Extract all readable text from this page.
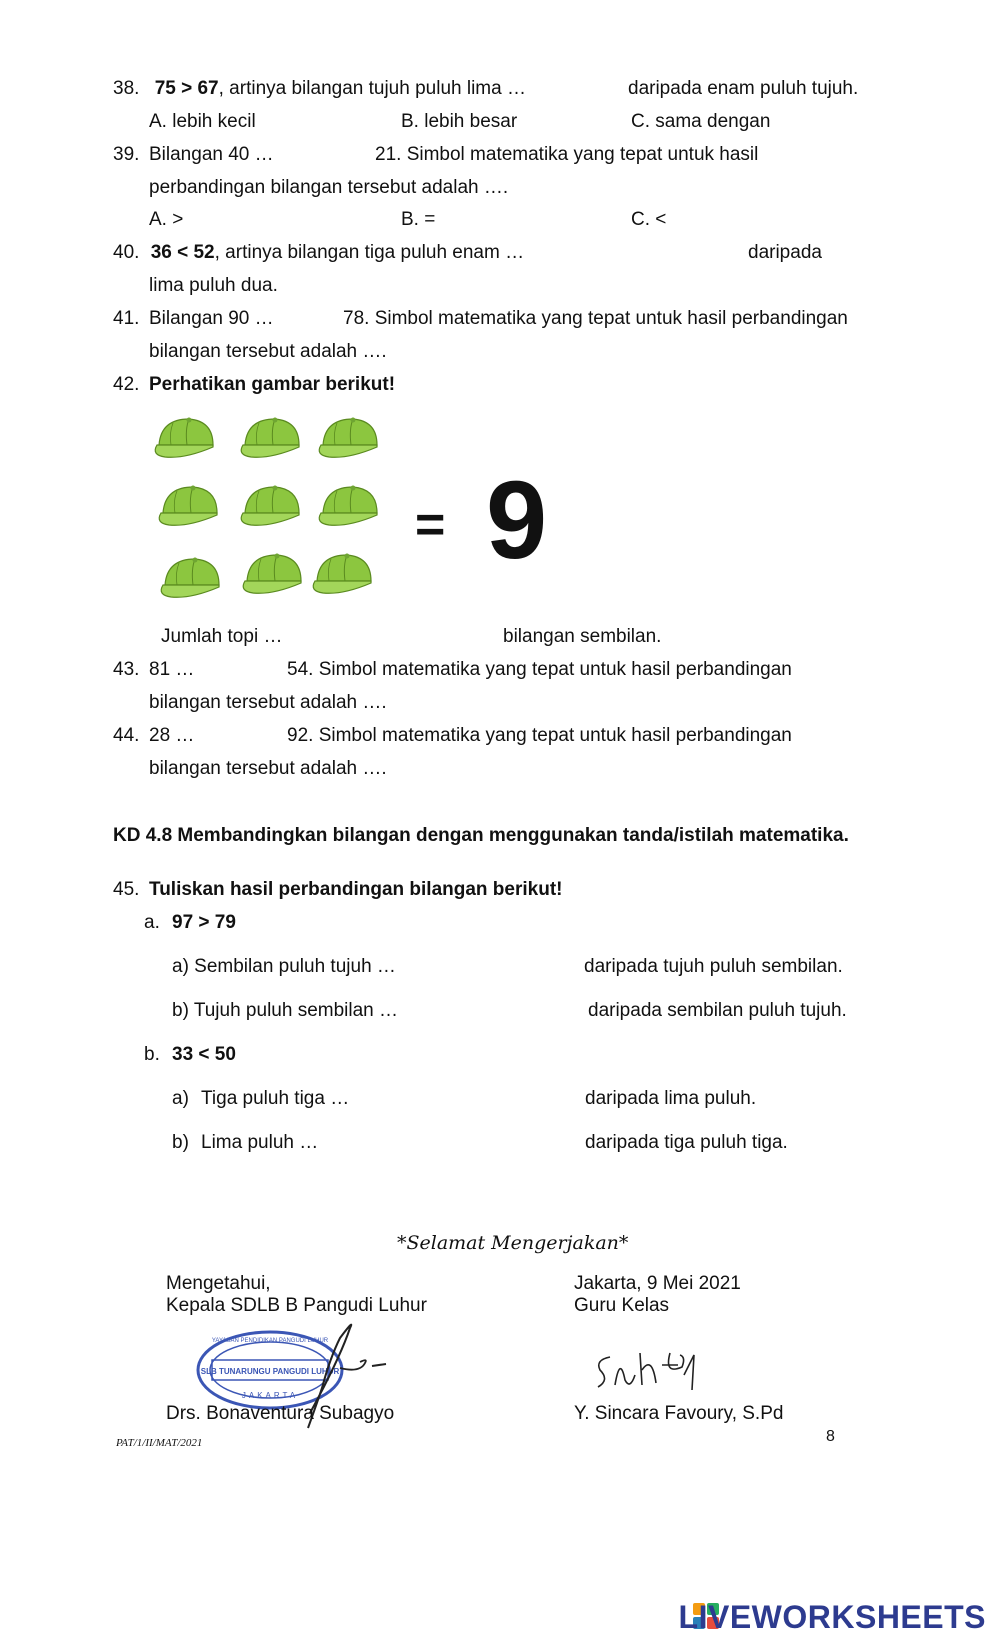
38. 75 > 67, artinya bilangan tujuh puluh lima …	daripada enam puluh tujuh.
A. lebih kecil	B. lebih besar	C. sama dengan
39. Bilangan 40 …	21. Simbol matematika yang tepat untuk hasil
perbandingan bilangan tersebut adalah ….
A. >	B. =	C. <
40. 36 < 52, artinya bilangan tiga puluh enam …	daripada
lima puluh dua.
41. Bilangan 90 …	78. Simbol matematika yang tepat untuk hasil perbandingan
bilangan tersebut adalah ….
42. Perhatikan gambar berikut!
= 9
Jumlah topi …	bilangan sembilan.
43. 81 …	54. Simbol matematika yang tepat untuk hasil perbandingan
bilangan tersebut adalah ….
44. 28 …	92. Simbol matematika yang tepat untuk hasil perbandingan
bilangan tersebut adalah ….
KD 4.8 Membandingkan bilangan dengan menggunakan tanda/istilah matematika.
45. Tuliskan hasil perbandingan bilangan berikut!
a. 97 > 79
a) Sembilan puluh tujuh …	daripada tujuh puluh sembilan.
b) Tujuh puluh sembilan …	daripada sembilan puluh tujuh.
b. 33 < 50
a) Tiga puluh tiga …	daripada lima puluh.
b) Lima puluh …	daripada tiga puluh tiga.
*Selamat Mengerjakan*
Mengetahui,
Kepala SDLB B Pangudi Luhur
Jakarta, 9 Mei 2021
Guru Kelas
SLB TUNARUNGU PANGUDI LUHUR
YAYASAN PENDIDIKAN PANGUDI LUHUR
JAKARTA
Drs. Bonaventura Subagyo	Y. Sincara Favoury, S.Pd
PAT/1/II/MAT/2021	8
LIVEWORKSHEETS
